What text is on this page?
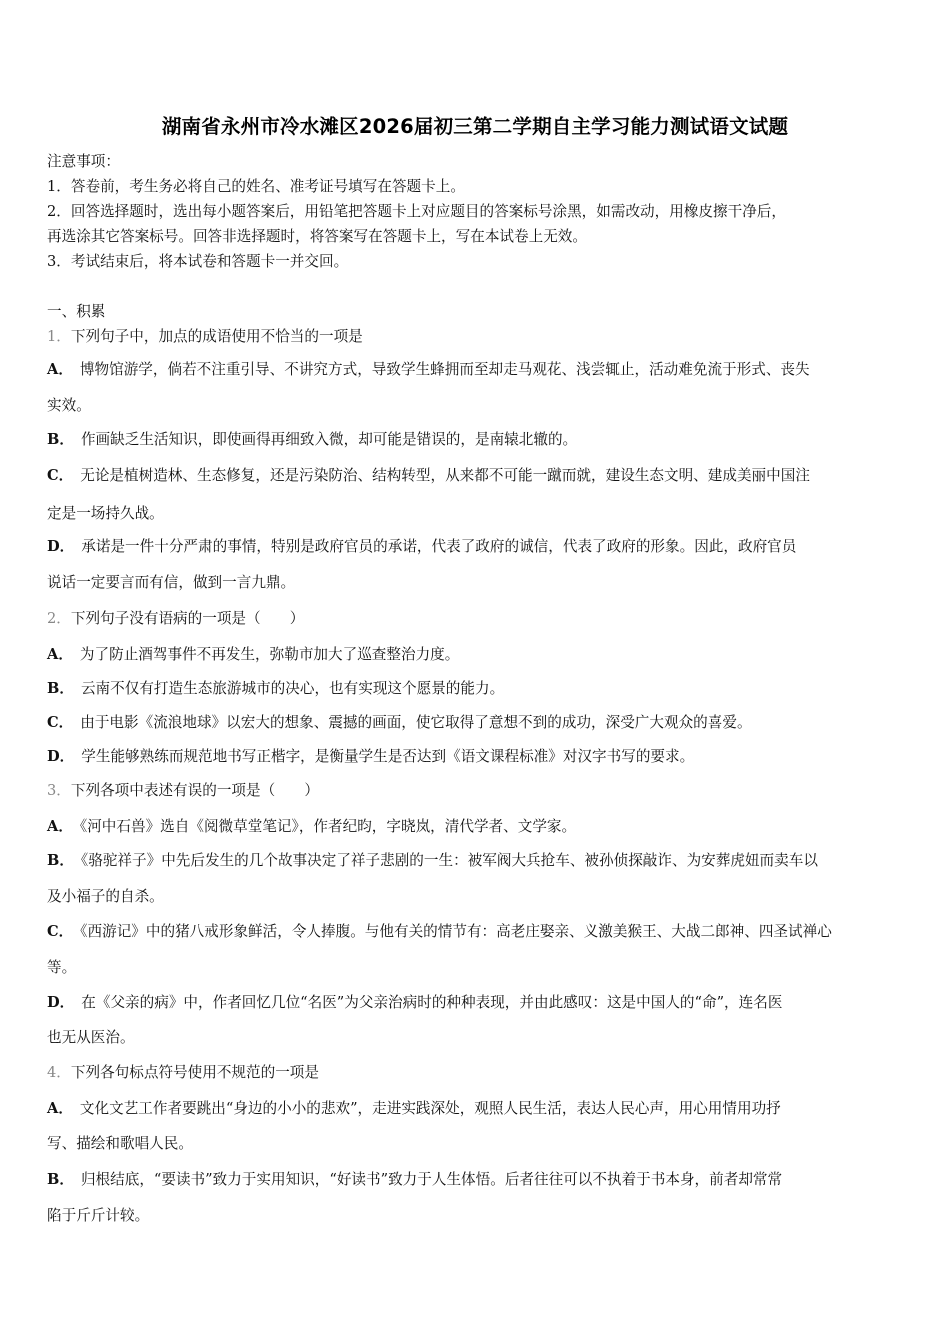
湖南省永州市冷水滩区2026届初三第二学期自主学习能力测试语文试题
注意事项：
1．答卷前，考生务必将自己的姓名、准考证号填写在答题卡上。
2．回答选择题时，选出每小题答案后，用铅笔把答题卡上对应题目的答案标号涂黑，如需改动，用橡皮擦干净后，
再选涂其它答案标号。回答非选择题时，将答案写在答题卡上，写在本试卷上无效。
3．考试结束后，将本试卷和答题卡一并交回。
一、积累
1．下列句子中，加点的成语使用不恰当的一项是
A． 博物馆游学，倘若不注重引导、不讲究方式，导致学生蜂拥而至却走马观花、浅尝辄止，活动难免流于形式、丧失
实效。
B． 作画缺乏生活知识，即使画得再细致入微，却可能是错误的，是南辕北辙的。
C． 无论是植树造林、生态修复，还是污染防治、结构转型，从来都不可能一蹴而就，建设生态文明、建成美丽中国注
定是一场持久战。
D． 承诺是一件十分严肃的事情，特别是政府官员的承诺，代表了政府的诚信，代表了政府的形象。因此，政府官员
说话一定要言而有信，做到一言九鼎。
2．下列句子没有语病的一项是（　　）
A． 为了防止酒驾事件不再发生，弥勒市加大了巡查整治力度。
B． 云南不仅有打造生态旅游城市的决心，也有实现这个愿景的能力。
C． 由于电影《流浪地球》以宏大的想象、震撼的画面，使它取得了意想不到的成功，深受广大观众的喜爱。
D． 学生能够熟练而规范地书写正楷字，是衡量学生是否达到《语文课程标准》对汉字书写的要求。
3．下列各项中表述有误的一项是（　　）
A． 《河中石兽》选自《阅微草堂笔记》，作者纪昀，字晓岚，清代学者、文学家。
B． 《骆驼祥子》中先后发生的几个故事决定了祥子悲剧的一生：被军阀大兵抢车、被孙侦探敲诈、为安葬虎妞而卖车以
及小福子的自杀。
C． 《西游记》中的猪八戒形象鲜活，令人捧腹。与他有关的情节有：高老庄娶亲、义激美猴王、大战二郎神、四圣试禅心
等。
D． 在《父亲的病》中，作者回忆几位“名医”为父亲治病时的种种表现，并由此感叹：这是中国人的“命”，连名医
也无从医治。
4．下列各句标点符号使用不规范的一项是
A． 文化文艺工作者要跳出“身边的小小的悲欢”，走进实践深处，观照人民生活，表达人民心声，用心用情用功抒
写、描绘和歌唱人民。
B． 归根结底，“要读书”致力于实用知识，“好读书”致力于人生体悟。后者往往可以不执着于书本身，前者却常常
陷于斤斤计较。
